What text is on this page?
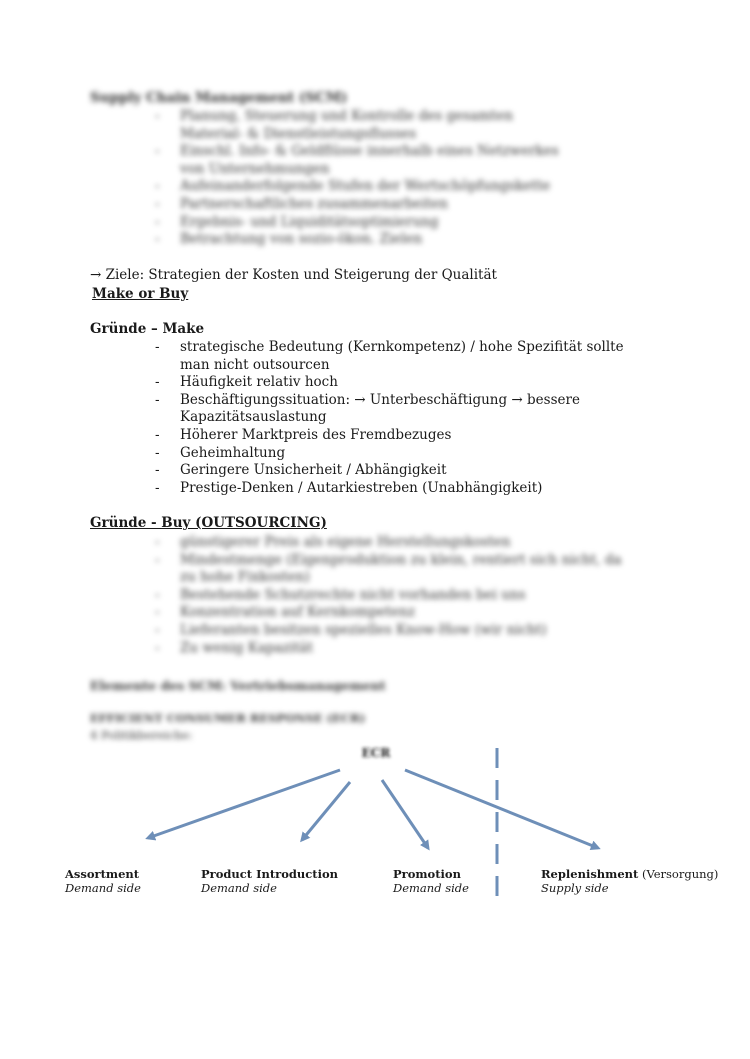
Supply Chain Management (SCM)
- Planung, Steuerung und Kontrolle des gesamten Material- & Dienstleistungsflusses
- Einschl. Info- & Geldflüsse innerhalb eines Netzwerkes von Unternehmungen
- Aufeinanderfolgende Stufen der Wertschöpfungskette
- Partnerschaftliches zusammenarbeiten
- Ergebnis- und Liquiditätsoptimierung
- Betrachtung von sozio-ökon. Zielen
→ Ziele: Strategien der Kosten und Steigerung der Qualität
Make or Buy
Gründe – Make
- strategische Bedeutung (Kernkompetenz) / hohe Spezifität sollte man nicht outsourcen
- Häufigkeit relativ hoch
- Beschäftigungssituation: → Unterbeschäftigung → bessere Kapazitätsauslastung
- Höherer Marktpreis des Fremdbezuges
- Geheimhaltung
- Geringere Unsicherheit / Abhängigkeit
- Prestige-Denken / Autarkiestreben (Unabhängigkeit)
Gründe - Buy (OUTSOURCING)
- günstigerer Preis als eigene Herstellungskosten
- Mindestmenge (Eigenproduktion zu klein, rentiert sich nicht, da zu hohe Fixkosten)
- Bestehende Schutzrechte nicht vorhanden bei uns
- Konzentration auf Kernkompetenz
- Lieferanten besitzen spezielles Know-How (wir nicht)
- Zu wenig Kapazität
Elemente des SCM: Vertriebsmanagement
EFFICIENT CONSUMER RESPONSE (ECR)
4 Politikbereiche:
ECR
Assortment
Demand side
Product Introduction
Demand side
Promotion
Demand side
Replenishment (Versorgung)
Supply side
